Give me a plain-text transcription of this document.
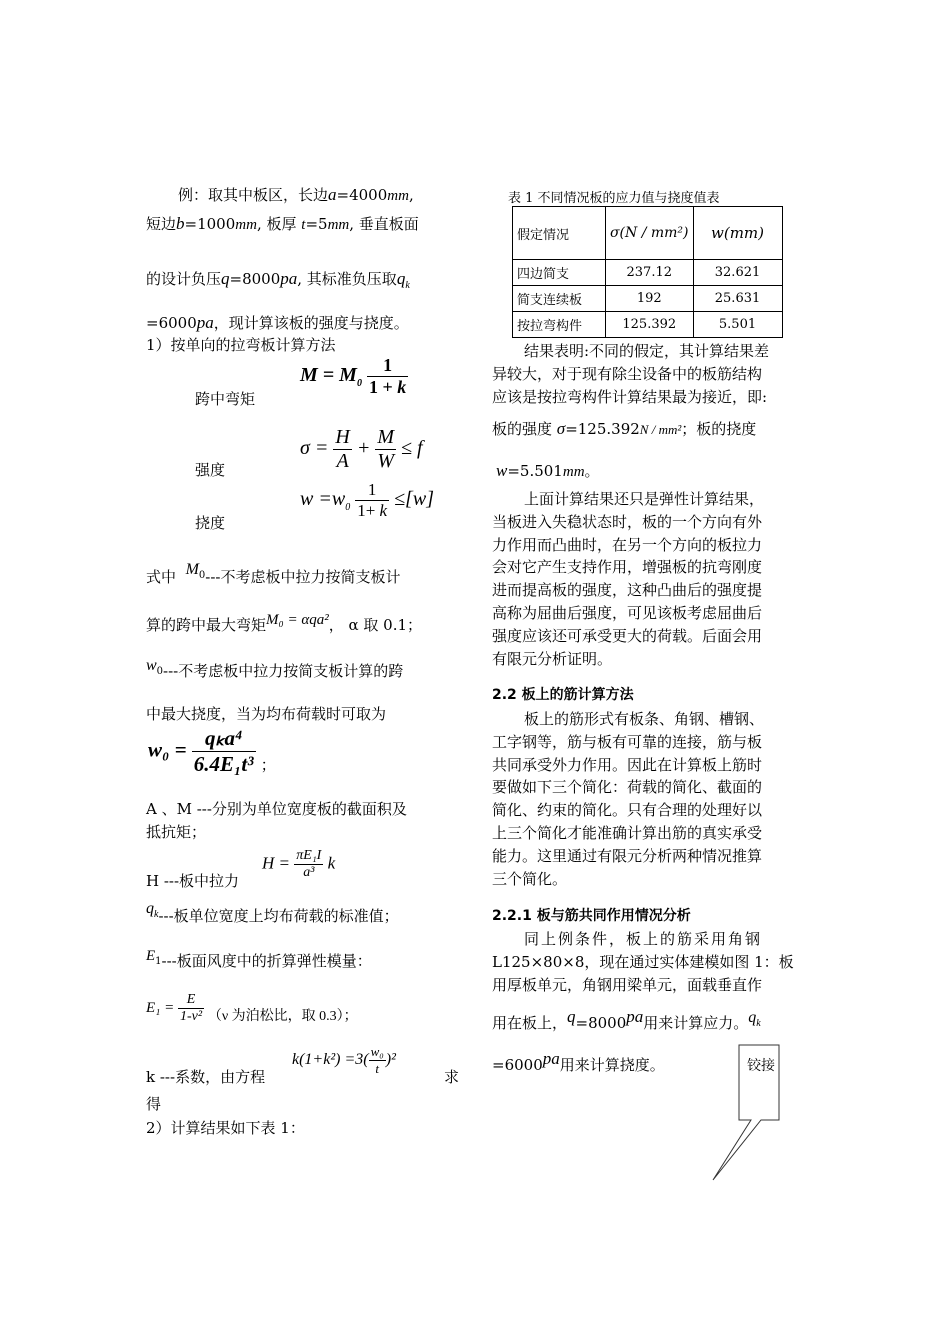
例：取其中板区，长边a=4000mm,
短边b=1000mm, 板厚 t=5mm, 垂直板面
的设计负压q=8000pa, 其标准负压取$q_k$
=6000pa，现计算该板的强度与挠度。
1）按单向的拉弯板计算方法
跨中弯矩
$M = M_0 \frac{1}{1 + k}$
强度
$\sigma = \frac{H}{A} + \frac{M}{W} \le f$
挠度
$w =w_0 \frac{1}{1+ k} \le[w]$
式中 $M_0---$不考虑板中拉力按简支板计
算的跨中最大弯矩M₀ = αqa²， α 取 0.1；
$w_0---$不考虑板中拉力按简支板计算的跨
中最大挠度，当为均布荷载时可取为
$w_0 = \frac{\text{qₖa⁴}}{\text{6.4E₁t³}} _;$
A 、M ---分别为单位宽度板的截面积及
抵抗矩；
H ---板中拉力
$H = \frac{\text{πE₁I}}{\text{a³}}$ k
$q_k---$板单位宽度上均布荷载的标准值；
$E_1---$板面风度中的折算弹性模量：
$E_1 = \frac{E}{\text{1-ν²}} (\nu$ 为泊松比，取 0.3）；
k ---系数，由方程
$k(1+k^2) =3( \frac{\text{w₀}}{t} )^2$
求
得
2）计算结果如下表 1：
表 1 不同情况板的应力值与挠度值表
假定情况	σ(N / mm²)	w(mm)
四边简支	237.12	32.621
简支连续板	192	25.631
按拉弯构件	125.392	5.501
结果表明:不同的假定，其计算结果差
异较大，对于现有除尘设备中的板筋结构
应该是按拉弯构件计算结果最为接近，即:
板的强度 σ=125.392N / mm²；板的挠度
w=5.501mm。
上面计算结果还只是弹性计算结果，
当板进入失稳状态时，板的一个方向有外
力作用而凸曲时，在另一个方向的板拉力
会对它产生支持作用，增强板的抗弯刚度
进而提高板的强度，这种凸曲后的强度提
高称为屈曲后强度，可见该板考虑屈曲后
强度应该还可承受更大的荷载。后面会用
有限元分析证明。
2.2 板上的筋计算方法
板上的筋形式有板条、角钢、槽钢、
工字钢等，筋与板有可靠的连接，筋与板
共同承受外力作用。因此在计算板上筋时
要做如下三个简化：荷载的简化、截面的
简化、约束的简化。只有合理的处理好以
上三个简化才能准确计算出筋的真实承受
能力。这里通过有限元分析两种情况推算
三个简化。
2.2.1 板与筋共同作用情况分析
同上例条件，板上的筋采用角钢
L125×80×8，现在通过实体建模如图 1：板
用厚板单元，角钢用梁单元，面载垂直作
用在板上，q=8000pa用来计算应力。$q_k$
=6000pa用来计算挠度。	铰接
